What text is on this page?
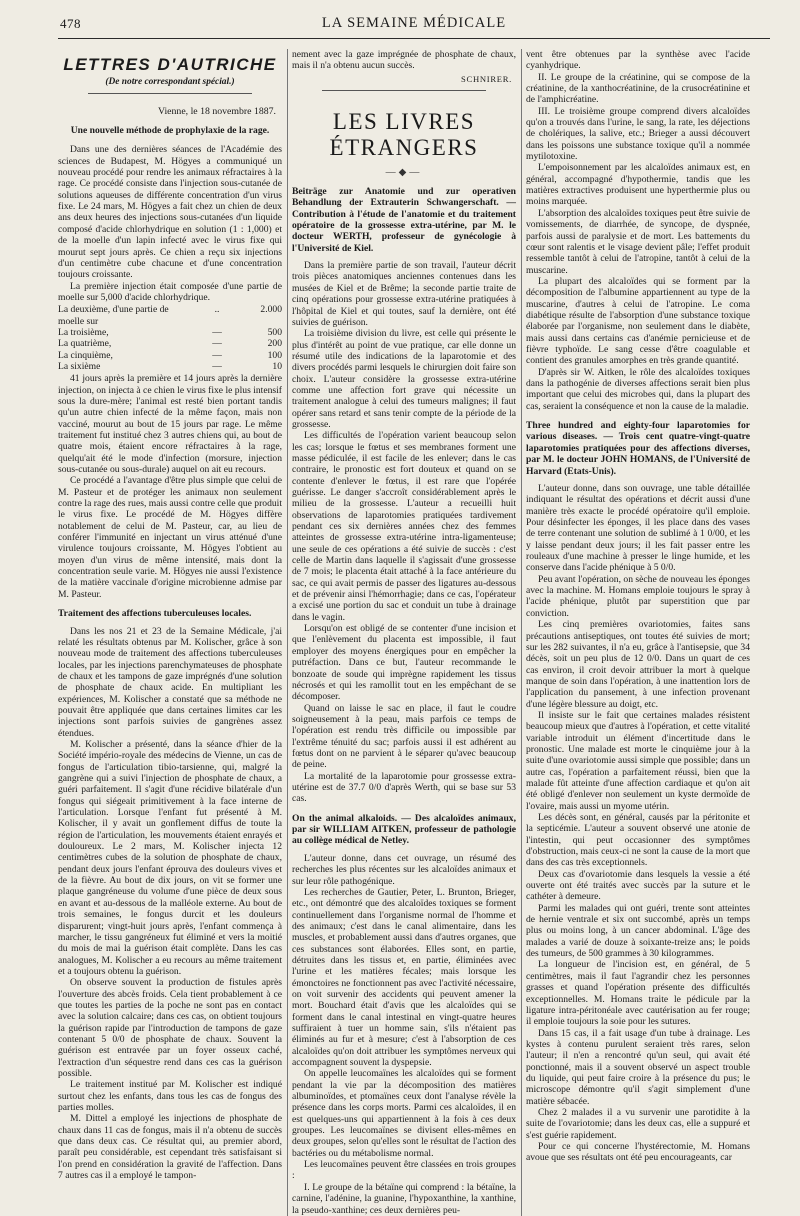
478	LA SEMAINE MÉDICALE
LETTRES D'AUTRICHE
(De notre correspondant spécial.)
Vienne, le 18 novembre 1887.
Une nouvelle méthode de prophylaxie de la rage.

Dans une des dernières séances de l'Académie des sciences de Budapest, M. Högyes a communiqué un nouveau procédé pour rendre les animaux réfractaires à la rage. Ce procédé consiste dans l'injection sous-cutanée de solutions aqueuses de différente concentration d'un virus fixe. Le 24 mars, M. Högyes a fait chez un chien de deux ans deux heures des injections sous-cutanées d'un liquide composé d'acide chlorhydrique en solution (1 : 1,000) et de la moelle d'un lapin infecté avec le virus fixe qui mourut sept jours après. Ce chien a reçu six injections d'un centimètre cube chacune et d'une concentration toujours croissante.

La première injection était composée d'une partie de moelle sur 5,000 d'acide chlorhydrique.

La deuxième, d'une partie de moelle sur
..	2.000
La troisième,	—	500
La quatrième,	—	200
La cinquième,	—	100
La sixième	—	10

41 jours après la première et 14 jours après la dernière injection, on injecta à ce chien le virus fixe le plus intensif sous la dure-mère; l'animal est resté bien portant tandis qu'un autre chien infecté de la même façon, mais non vacciné, mourut au bout de 15 jours par rage. Le même traitement fut institué chez 3 autres chiens qui, au bout de quatre mois, étaient encore réfractaires à la rage, quelqu'ait été le mode d'infection (morsure, injection sous-cutanée ou sous-durale) auquel on ait eu recours.

Ce procédé a l'avantage d'être plus simple que celui de M. Pasteur et de protéger les animaux non seulement contre la rage des rues, mais aussi contre celle que produit le virus fixe. Le procédé de M. Högyes diffère notablement de celui de M. Pasteur, car, au lieu de conférer l'immunité en injectant un virus atténué d'une virulence toujours croissante, M. Högyes l'obtient au moyen d'un virus de même intensité, mais dont la concentration seule varie. M. Högyes nie aussi l'existence de la matière vaccinale d'origine microbienne admise par M. Pasteur.

Traitement des affections tuberculeuses locales.

Dans les nos 21 et 23 de la Semaine Médicale, j'ai relaté les résultats obtenus par M. Kolischer, grâce à son nouveau mode de traitement des affections tuberculeuses locales, par les injections parenchymateuses de phosphate de chaux et les tampons de gaze imprégnés d'une solution de phosphate de chaux acide. En multipliant les expériences, M. Kolischer a constaté que sa méthode ne pouvait être appliquée que dans certaines limites car les injections sont parfois suivies de gangrènes assez étendues.

M. Kolischer a présenté, dans la séance d'hier de la Société império-royale des médecins de Vienne, un cas de fongus de l'articulation tibio-tarsienne, qui, malgré la gangrène qui a suivi l'injection de phosphate de chaux, a guéri parfaitement. Il s'agit d'une récidive bilatérale d'un fongus qui siégeait primitivement à la face interne de l'articulation. Lorsque l'enfant fut présenté à M. Kolischer, il y avait un gonflement diffus de toute la région de l'articulation, les mouvements étaient enrayés et douloureux. Le 2 mars, M. Kolischer injecta 12 centimètres cubes de la solution de phosphate de chaux, pendant deux jours l'enfant éprouva des douleurs vives et de la fièvre. Au bout de dix jours, on vit se former une plaque gangréneuse du volume d'une pièce de deux sous en avant et au-dessous de la malléole externe. Au bout de trois semaines, le fongus durcit et les douleurs disparurent; vingt-huit jours après, l'enfant commença à marcher, le tissu gangréneux fut éliminé et vers la moitié du mois de mai la guérison était complète. Dans les cas analogues, M. Kolischer a eu recours au même traitement et a toujours obtenu la guérison.

On observe souvent la production de fistules après l'ouverture des abcès froids. Cela tient probablement à ce que toutes les parties de la poche ne sont pas en contact avec la solution calcaire; dans ces cas, on obtient toujours la guérison rapide par l'introduction de tampons de gaze contenant 5 0/0 de phosphate de chaux. Souvent la guérison est entravée par un foyer osseux caché, l'extraction d'un séquestre rend dans ces cas la guérison possible.

Le traitement institué par M. Kolischer est indiqué surtout chez les enfants, dans tous les cas de fongus des parties molles.

M. Dittel a employé les injections de phosphate de chaux dans 11 cas de fongus, mais il n'a obtenu de succès que dans deux cas. Ce résultat qui, au premier abord, paraît peu considérable, est cependant très satisfaisant si l'on prend en considération la gravité de l'affection. Dans 7 autres cas il a employé le tampon-

nement avec la gaze imprégnée de phosphate de chaux, mais il n'a obtenu aucun succès.

SCHNIRER.
LES LIVRES ÉTRANGERS
—◆—
Beiträge zur Anatomie und zur operativen Behandlung der Extrauterin Schwangerschaft. — Contribution à l'étude de l'anatomie et du traitement opératoire de la grossesse extra-utérine, par M. le docteur WERTH, professeur de gynécologie à l'Université de Kiel.

Dans la première partie de son travail, l'auteur décrit trois pièces anatomiques anciennes contenues dans les musées de Kiel et de Brême; la seconde partie traite de cinq opérations pour grossesse extra-utérine pratiquées à l'hôpital de Kiel et qui toutes, sauf la dernière, ont été suivies de guérison.

La troisième division du livre, est celle qui présente le plus d'intérêt au point de vue pratique, car elle donne un résumé utile des indications de la laparotomie et des divers procédés parmi lesquels le chirurgien doit faire son choix. L'auteur considère la grossesse extra-utérine comme une affection fort grave qui nécessite un traitement analogue à celui des tumeurs malignes; il faut opérer sans retard et sans tenir compte de la période de la grossesse.

Les difficultés de l'opération varient beaucoup selon les cas; lorsque le fœtus et ses membranes forment une masse pédiculée, il est facile de les enlever; dans le cas contraire, le pronostic est fort douteux et quand on se contente d'enlever le fœtus, il est rare que l'opérée guérisse. Le danger s'accroît considérablement après le milieu de la grossesse. L'auteur a recueilli huit observations de laparotomies pratiquées tardivement pendant ces six dernières années chez des femmes atteintes de grossesse extra-utérine intra-ligamenteuse; une seule de ces opérations a été suivie de succès : c'est celle de Martin dans laquelle il s'agissait d'une grossesse de 7 mois; le placenta était attaché à la face antérieure du sac, ce qui avait permis de passer des ligatures au-dessous et de prévenir ainsi l'hémorrhagie; dans ce cas, l'opérateur a excisé une portion du sac et conduit un tube à drainage dans le vagin.

Lorsqu'on est obligé de se contenter d'une incision et que l'enlèvement du placenta est impossible, il faut employer des moyens énergiques pour en empêcher la putréfaction. Dans ce but, l'auteur recommande le bonzoate de soude qui imprègne rapidement les tissus nécrosés et qui les ramollit tout en les empêchant de se décomposer.

Quand on laisse le sac en place, il faut le coudre soigneusement à la peau, mais parfois ce temps de l'opération est rendu très difficile ou impossible par l'extrême ténuité du sac; parfois aussi il est adhérent au fœtus dont on ne parvient à le séparer qu'avec beaucoup de peine.

La mortalité de la laparotomie pour grossesse extra-utérine est de 37.7 0/0 d'après Werth, qui se base sur 53 cas.

On the animal alkaloids. — Des alcaloïdes animaux, par sir WILLIAM AITKEN, professeur de pathologie au collège médical de Netley.

L'auteur donne, dans cet ouvrage, un résumé des recherches les plus récentes sur les alcaloïdes animaux et sur leur rôle pathogénique.

Les recherches de Gautier, Peter, L. Brunton, Brieger, etc., ont démontré que des alcaloïdes toxiques se forment continuellement dans l'organisme normal de l'homme et des animaux; c'est dans le canal alimentaire, dans les muscles, et probablement aussi dans d'autres organes, que ces substances sont élaborées. Elles sont, en partie, détruites dans les tissus et, en partie, éliminées avec l'urine et les matières fécales; mais lorsque les émonctoires ne fonctionnent pas avec l'activité nécessaire, on voit survenir des accidents qui peuvent amener la mort. Bouchard était d'avis que les alcaloïdes qui se forment dans le canal intestinal en vingt-quatre heures suffiraient à tuer un homme sain, s'ils n'étaient pas éliminés au fur et à mesure; c'est à l'absorption de ces alcaloïdes qu'on doit attribuer les symptômes nerveux qui accompagnent souvent la dyspepsie.

On appelle leucomaïnes les alcaloïdes qui se forment pendant la vie par la décomposition des matières albuminoïdes, et ptomaïnes ceux dont l'analyse révèle la présence dans les corps morts. Parmi ces alcaloïdes, il en est quelques-uns qui appartiennent à la fois à ces deux groupes. Les leucomaïnes se divisent elles-mêmes en deux groupes, selon qu'elles sont le résultat de l'action des bactéries ou du métabolisme normal.

Les leucomaïnes peuvent être classées en trois groupes :

I. Le groupe de la bétaïne qui comprend : la bétaïne, la carnine, l'adénine, la guanine, l'hypoxanthine, la xanthine, la pseudo-xanthine; ces deux dernières peu-

vent être obtenues par la synthèse avec l'acide cyanhydrique.

II. Le groupe de la créatinine, qui se compose de la créatinine, de la xanthocréatinine, de la crusocréatinine et de l'amphicréatine.

III. Le troisième groupe comprend divers alcaloïdes qu'on a trouvés dans l'urine, le sang, la rate, les déjections de cholériques, la salive, etc.; Brieger a aussi découvert dans les poissons une substance toxique qu'il a nommée mytilotoxine.

L'empoisonnement par les alcaloïdes animaux est, en général, accompagné d'hypothermie, tandis que les matières extractives produisent une hyperthermie plus ou moins marquée.

L'absorption des alcaloïdes toxiques peut être suivie de vomissements, de diarrhée, de syncope, de dyspnée, parfois aussi de paralysie et de mort. Les battements du cœur sont ralentis et le visage devient pâle; l'effet produit ressemble tantôt à celui de l'atropine, tantôt à celui de la muscarine.

La plupart des alcaloïdes qui se forment par la décomposition de l'albumine appartiennent au type de la muscarine, d'autres à celui de l'atropine. Le coma diabétique résulte de l'absorption d'une substance toxique élaborée par l'organisme, non seulement dans le diabète, mais aussi dans certains cas d'anémie pernicieuse et de fièvre typhoïde. Le sang cesse d'être coagulable et contient des granules amorphes en très grande quantité.

D'après sir W. Aitken, le rôle des alcaloïdes toxiques dans la pathogénie de diverses affections serait bien plus important que celui des microbes qui, dans la plupart des cas, seraient la conséquence et non la cause de la maladie.

Three hundred and eighty-four laparotomies for various diseases. — Trois cent quatre-vingt-quatre laparotomies pratiquées pour des affections diverses, par M. le docteur JOHN HOMANS, de l'Université de Harvard (Etats-Unis).

L'auteur donne, dans son ouvrage, une table détaillée indiquant le résultat des opérations et décrit aussi d'une manière très exacte le procédé opératoire qu'il emploie. Pour désinfecter les éponges, il les place dans des vases de terre contenant une solution de sublimé à 1 0/00, et les y laisse pendant deux jours; il les fait passer entre les rouleaux d'une machine à presser le linge humide, et les conserve dans l'acide phénique à 5 0/0.

Peu avant l'opération, on sèche de nouveau les éponges avec la machine. M. Homans emploie toujours le spray à l'acide phénique, plutôt par superstition que par conviction.

Les cinq premières ovariotomies, faites sans précautions antiseptiques, ont toutes été suivies de mort; sur les 282 suivantes, il n'a eu, grâce à l'antisepsie, que 34 décès, soit un peu plus de 12 0/0. Dans un quart de ces cas environ, il croit devoir attribuer la mort à quelque manque de soin dans l'opération, à une inattention lors de l'application du pansement, à une infection provenant d'une légère blessure au doigt, etc.

Il insiste sur le fait que certaines malades résistent beaucoup mieux que d'autres à l'opération, et cette vitalité variable introduit un élément d'incertitude dans le pronostic. Une malade est morte le cinquième jour à la suite d'une ovariotomie aussi simple que possible; dans un autre cas, l'opération a parfaitement réussi, bien que la malade fût atteinte d'une affection cardiaque et qu'on ait été obligé d'enlever non seulement un kyste dermoïde de l'ovaire, mais aussi un myome utérin.

Les décès sont, en général, causés par la péritonite et la septicémie. L'auteur a souvent observé une atonie de l'intestin, qui peut occasionner des symptômes d'obstruction, mais ceux-ci ne sont la cause de la mort que dans des cas très exceptionnels.

Deux cas d'ovariotomie dans lesquels la vessie a été ouverte ont été traités avec succès par la suture et le cathéter à demeure.

Parmi les malades qui ont guéri, trente sont atteintes de hernie ventrale et six ont succombé, après un temps plus ou moins long, à un cancer abdominal. L'âge des malades a varié de douze à soixante-treize ans; le poids des tumeurs, de 500 grammes à 30 kilogrammes.

La longueur de l'incision est, en général, de 5 centimètres, mais il faut l'agrandir chez les personnes grasses et quand l'opération présente des difficultés exceptionnelles. M. Homans traite le pédicule par la ligature intra-péritonéale avec cautérisation au fer rouge; il emploie toujours la soie pour les sutures.

Dans 15 cas, il a fait usage d'un tube à drainage. Les kystes à contenu purulent seraient très rares, selon l'auteur; il n'en a rencontré qu'un seul, qui avait été ponctionné, mais il a souvent observé un aspect trouble du liquide, qui peut faire croire à la présence du pus; le microscope démontre qu'il s'agit simplement d'une matière sébacée.

Chez 2 malades il a vu survenir une parotidite à la suite de l'ovariotomie; dans les deux cas, elle a suppuré et s'est guérie rapidement.

Pour ce qui concerne l'hystérectomie, M. Homans avoue que ses résultats ont été peu encourageants, car
